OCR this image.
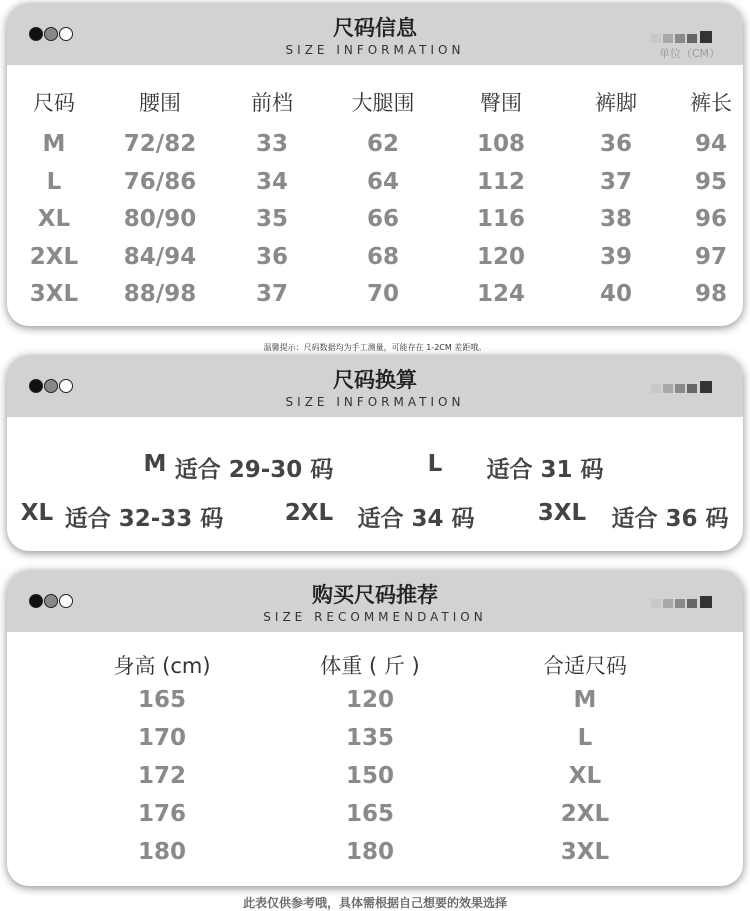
尺码信息
SIZE INFORMATION	单位（CM）
尺码	腰围	前档	大腿围	臀围	裤脚	裤长
M	72/82	33	62	108	36	94
L	76/86	34	64	112	37	95
XL	80/90	35	66	116	38	96
2XL	84/94	36	68	120	39	97
3XL	88/98	37	70	124	40	98
温馨提示：尺码数据均为手工测量，可能存在 1-2CM 差距哦。
尺码换算
SIZE INFORMATION
M 适合 29-30 码	L	适合 31 码
XL 适合 32-33 码	2XL 适合 34 码	3XL 适合 36 码
购买尺码推荐
SIZE RECOMMENDATION
身高 (cm)	体重 ( 斤 )	合适尺码
165	120	M
170	135	L
172	150	XL
176	165	2XL
180	180	3XL
此表仅供参考哦，具体需根据自己想要的效果选择
